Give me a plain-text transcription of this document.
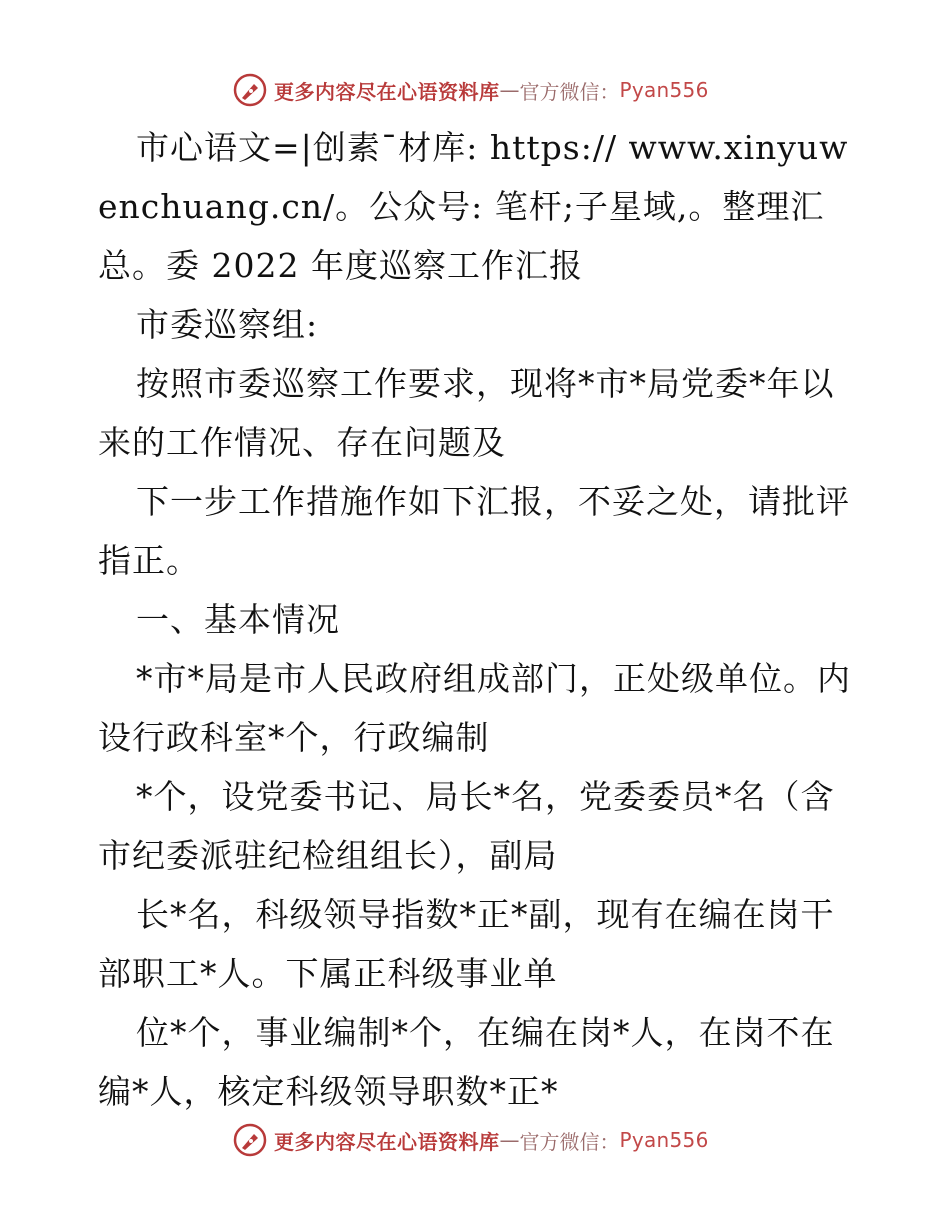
更多内容尽在心语资料库 — 官方微信： Pyan556

市心语文=|创素¯材库: https:// www.xinyuwenchuang.cn/。公众号: 笔杆;子星域,。整理汇总。委 2022 年度巡察工作汇报

市委巡察组:

按照市委巡察工作要求，现将*市*局党委*年以来的工作情况、存在问题及

下一步工作措施作如下汇报，不妥之处，请批评指正。

一、基本情况

*市*局是市人民政府组成部门，正处级单位。内设行政科室*个，行政编制

*个，设党委书记、局长*名，党委委员*名（含市纪委派驻纪检组组长），副局

长*名，科级领导指数*正*副，现有在编在岗干部职工*人。下属正科级事业单

位*个，事业编制*个，在编在岗*人，在岗不在编*人，核定科级领导职数*正*

更多内容尽在心语资料库 — 官方微信： Pyan556
